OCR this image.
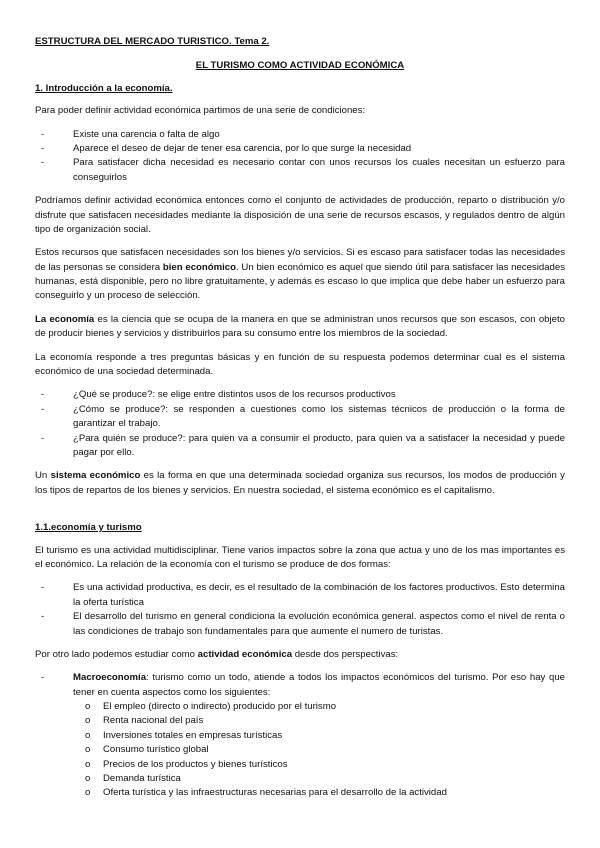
ESTRUCTURA DEL MERCADO TURISTICO. Tema 2.
EL TURISMO COMO ACTIVIDAD ECONÓMICA
1. Introducción a la economía.

Para poder definir actividad económica partimos de una serie de condiciones:

- Existe una carencia o falta de algo
- Aparece el deseo de dejar de tener esa carencia, por lo que surge la necesidad
- Para satisfacer dicha necesidad es necesario contar con unos recursos los cuales necesitan un esfuerzo para conseguirlos

Podríamos definir actividad económica entonces como el conjunto de actividades de producción, reparto o distribución y/o disfrute que satisfacen necesidades mediante la disposición de una serie de recursos escasos, y regulados dentro de algún tipo de organización social.

Estos recursos que satisfacen necesidades son los bienes y/o servicios. Si es escaso para satisfacer todas las necesidades de las personas se considera bien económico. Un bien económico es aquel que siendo útil para satisfacer las necesidades humanas, está disponible, pero no libre gratuitamente, y además es escaso lo que implica que debe haber un esfuerzo para conseguirlo y un proceso de selección.

La economía es la ciencia que se ocupa de la manera en que se administran unos recursos que son escasos, con objeto de producir bienes y servicios y distribuirlos para su consumo entre los miembros de la sociedad.

La economía responde a tres preguntas básicas y en función de su respuesta podemos determinar cual es el sistema económico de una sociedad determinada.

- ¿Qué se produce?: se elige entre distintos usos de los recursos productivos
- ¿Cómo se produce?: se responden a cuestiones como los sistemas técnicos de producción o la forma de garantizar el trabajo.
- ¿Para quién se produce?: para quien va a consumir el producto, para quien va a satisfacer la necesidad y puede pagar por ello.

Un sistema económico es la forma en que una determinada sociedad organiza sus recursos, los modos de producción y los tipos de repartos de los bienes y servicios. En nuestra sociedad, el sistema económico es el capitalismo.

1.1.economía y turismo

El turismo es una actividad multidisciplinar. Tiene varios impactos sobre la zona que actua y uno de los mas importantes es el económico. La relación de la economía con el turismo se produce de dos formas:

- Es una actividad productiva, es decir, es el resultado de la combinación de los factores productivos. Esto determina la oferta turística
- El desarrollo del turismo en general condiciona la evolución económica general. aspectos como el nivel de renta o las condiciones de trabajo son fundamentales para que aumente el numero de turistas.

Por otro lado podemos estudiar como actividad económica desde dos perspectivas:

- Macroeconomía: turismo como un todo, atiende a todos los impactos económicos del turismo. Por eso hay que tener en cuenta aspectos como los siguientes:
o El empleo (directo o indirecto) producido por el turismo
o Renta nacional del país
o Inversiones totales en empresas turísticas
o Consumo turístico global
o Precios de los productos y bienes turísticos
o Demanda turística
o Oferta turística y las infraestructuras necesarias para el desarrollo de la actividad
